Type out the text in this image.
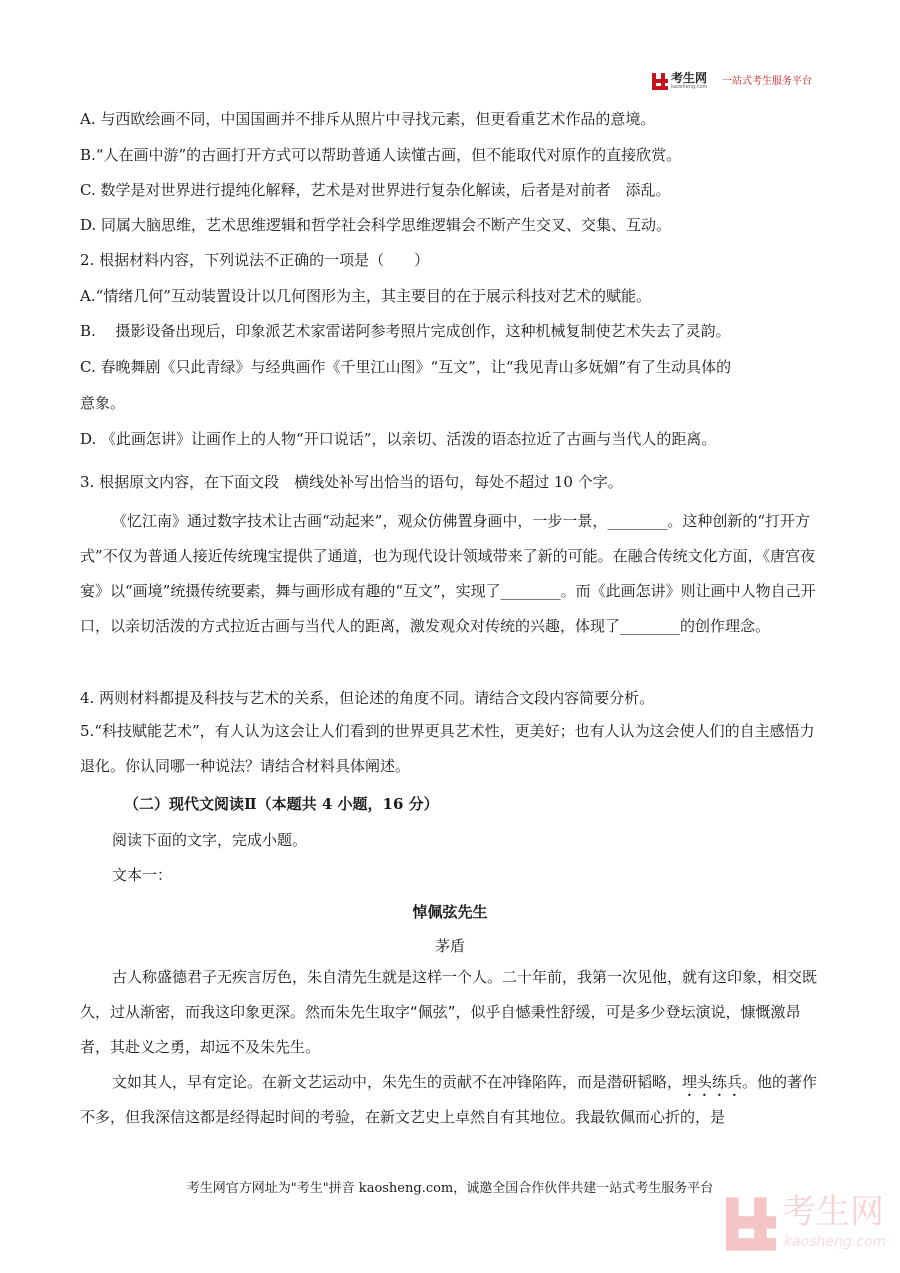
考生网
kaosheng.com 一站式考生服务平台
A. 与西欧绘画不同，中国国画并不排斥从照片中寻找元素，但更看重艺术作品的意境。
B.“人在画中游”的古画打开方式可以帮助普通人读懂古画，但不能取代对原作的直接欣赏。
C. 数学是对世界进行提纯化解释，艺术是对世界进行复杂化解读，后者是对前者　添乱。
D. 同属大脑思维，艺术思维逻辑和哲学社会科学思维逻辑会不断产生交叉、交集、互动。
2. 根据材料内容，下列说法不正确的一项是（　　）
A.“情绪几何”互动装置设计以几何图形为主，其主要目的在于展示科技对艺术的赋能。
B.　 摄影设备出现后，印象派艺术家雷诺阿参考照片完成创作，这种机械复制使艺术失去了灵韵。
C. 春晚舞剧《只此青绿》与经典画作《千里江山图》“互文”，让“我见青山多妩媚”有了生动具体的
意象。
D. 《此画怎讲》让画作上的人物“开口说话”，以亲切、活泼的语态拉近了古画与当代人的距离。
3. 根据原文内容，在下面文段　横线处补写出恰当的语句，每处不超过 10 个字。
《忆江南》通过数字技术让古画“动起来”，观众仿佛置身画中，一步一景，________。这种创新的“打开方式”不仅为普通人接近传统瑰宝提供了通道，也为现代设计领域带来了新的可能。在融合传统文化方面，《唐宫夜宴》以“画境”统摄传统要素，舞与画形成有趣的“互文”，实现了________。而《此画怎讲》则让画中人物自己开口，以亲切活泼的方式拉近古画与当代人的距离，激发观众对传统的兴趣，体现了________的创作理念。
4. 两则材料都提及科技与艺术的关系，但论述的角度不同。请结合文段内容简要分析。
5.“科技赋能艺术”，有人认为这会让人们看到的世界更具艺术性，更美好；也有人认为这会使人们的自主感悟力退化。你认同哪一种说法？请结合材料具体阐述。
（二）现代文阅读Ⅱ（本题共 4 小题，16 分）
阅读下面的文字，完成小题。
文本一：
悼佩弦先生
茅盾
古人称盛德君子无疾言厉色，朱自清先生就是这样一个人。二十年前，我第一次见他，就有这印象，相交既久，过从渐密，而我这印象更深。然而朱先生取字“佩弦”，似乎自憾秉性舒缓，可是多少登坛演说，慷慨激昂者，其赴义之勇，却远不及朱先生。
文如其人，早有定论。在新文艺运动中，朱先生的贡献不在冲锋陷阵，而是潜研韬略，埋头练兵。他的著作不多，但我深信这都是经得起时间的考验，在新文艺史上卓然自有其地位。我最钦佩而心折的，是
考生网官方网址为"考生"拼音 kaosheng.com，诚邀全国合作伙伴共建一站式考生服务平台
考生网
kaosheng.com
